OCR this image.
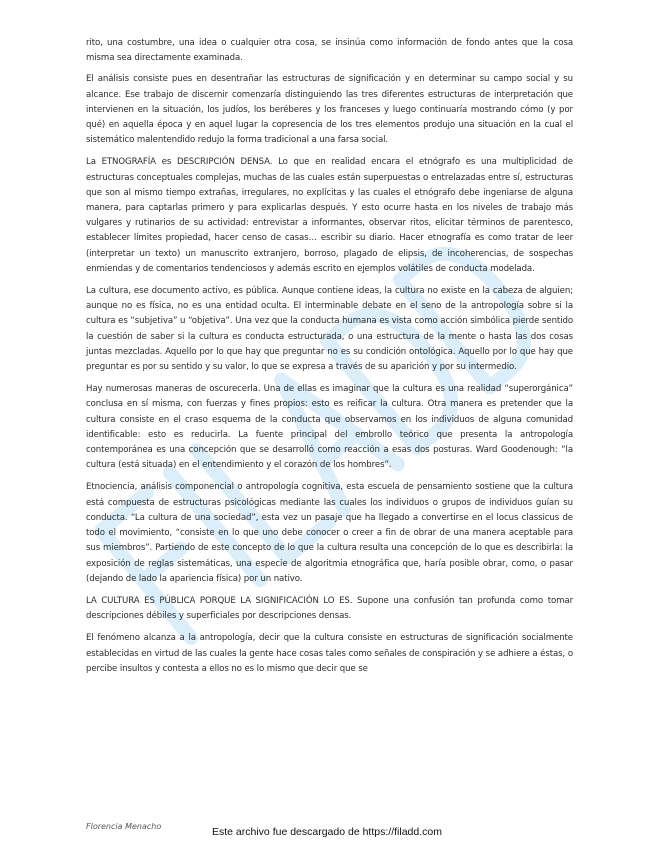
rito, una costumbre, una idea o cualquier otra cosa, se insinúa como información de fondo antes que la cosa misma sea directamente examinada.

El análisis consiste pues en desentrañar las estructuras de significación y en determinar su campo social y su alcance. Ese trabajo de discernir comenzaría distinguiendo las tres diferentes estructuras de interpretación que intervienen en la situación, los judíos, los beréberes y los franceses y luego continuaría mostrando cómo (y por qué) en aquella época y en aquel lugar la copresencia de los tres elementos produjo una situación en la cual el sistemático malentendido redujo la forma tradicional a una farsa social.

La ETNOGRAFÍA es DESCRIPCIÓN DENSA. Lo que en realidad encara el etnógrafo es una multiplicidad de estructuras conceptuales complejas, muchas de las cuales están superpuestas o entrelazadas entre sí, estructuras que son al mismo tiempo extrañas, irregulares, no explícitas y las cuales el etnógrafo debe ingeniarse de alguna manera, para captarlas primero y para explicarlas después. Y esto ocurre hasta en los niveles de trabajo más vulgares y rutinarios de su actividad: entrevistar a informantes, observar ritos, elicitar términos de parentesco, establecer límites propiedad, hacer censo de casas… escribir su diario. Hacer etnografía es como tratar de leer (interpretar un texto) un manuscrito extranjero, borroso, plagado de elipsis, de incoherencias, de sospechas enmiendas y de comentarios tendenciosos y además escrito en ejemplos volátiles de conducta modelada.

La cultura, ese documento activo, es pública. Aunque contiene ideas, la cultura no existe en la cabeza de alguien; aunque no es física, no es una entidad oculta. El interminable debate en el seno de la antropología sobre si la cultura es “subjetiva” u “objetiva”. Una vez que la conducta humana es vista como acción simbólica pierde sentido la cuestión de saber si la cultura es conducta estructurada, o una estructura de la mente o hasta las dos cosas juntas mezcladas. Aquello por lo que hay que preguntar no es su condición ontológica. Aquello por lo que hay que preguntar es por su sentido y su valor, lo que se expresa a través de su aparición y por su intermedio.

Hay numerosas maneras de oscurecerla. Una de ellas es imaginar que la cultura es una realidad “superorgánica” conclusa en sí misma, con fuerzas y fines propios: esto es reificar la cultura. Otra manera es pretender que la cultura consiste en el craso esquema de la conducta que observamos en los individuos de alguna comunidad identificable: esto es reducirla. La fuente principal del embrollo teórico que presenta la antropología contemporánea es una concepción que se desarrolló como reacción a esas dos posturas. Ward Goodenough: “la cultura (está situada) en el entendimiento y el corazón de los hombres”.

Etnociencia, análisis componencial o antropología cognitiva, esta escuela de pensamiento sostiene que la cultura está compuesta de estructuras psicológicas mediante las cuales los individuos o grupos de individuos guían su conducta. “La cultura de una sociedad”, esta vez un pasaje que ha llegado a convertirse en el locus classicus de todo el movimiento, “consiste en lo que uno debe conocer o creer a fin de obrar de una manera aceptable para sus miembros”. Partiendo de este concepto de lo que la cultura resulta una concepción de lo que es describirla: la exposición de reglas sistemáticas, una especie de algoritmia etnográfica que, haría posible obrar, como, o pasar (dejando de lado la apariencia física) por un nativo.

LA CULTURA ES PÚBLICA PORQUE LA SIGNIFICACIÓN LO ES. Supone una confusión tan profunda como tomar descripciones débiles y superficiales por descripciones densas.

El fenómeno alcanza a la antropología, decir que la cultura consiste en estructuras de significación socialmente establecidas en virtud de las cuales la gente hace cosas tales como señales de conspiración y se adhiere a éstas, o percibe insultos y contesta a ellos no es lo mismo que decir que se

Florencia Menacho	Este archivo fue descargado de https://filadd.com
